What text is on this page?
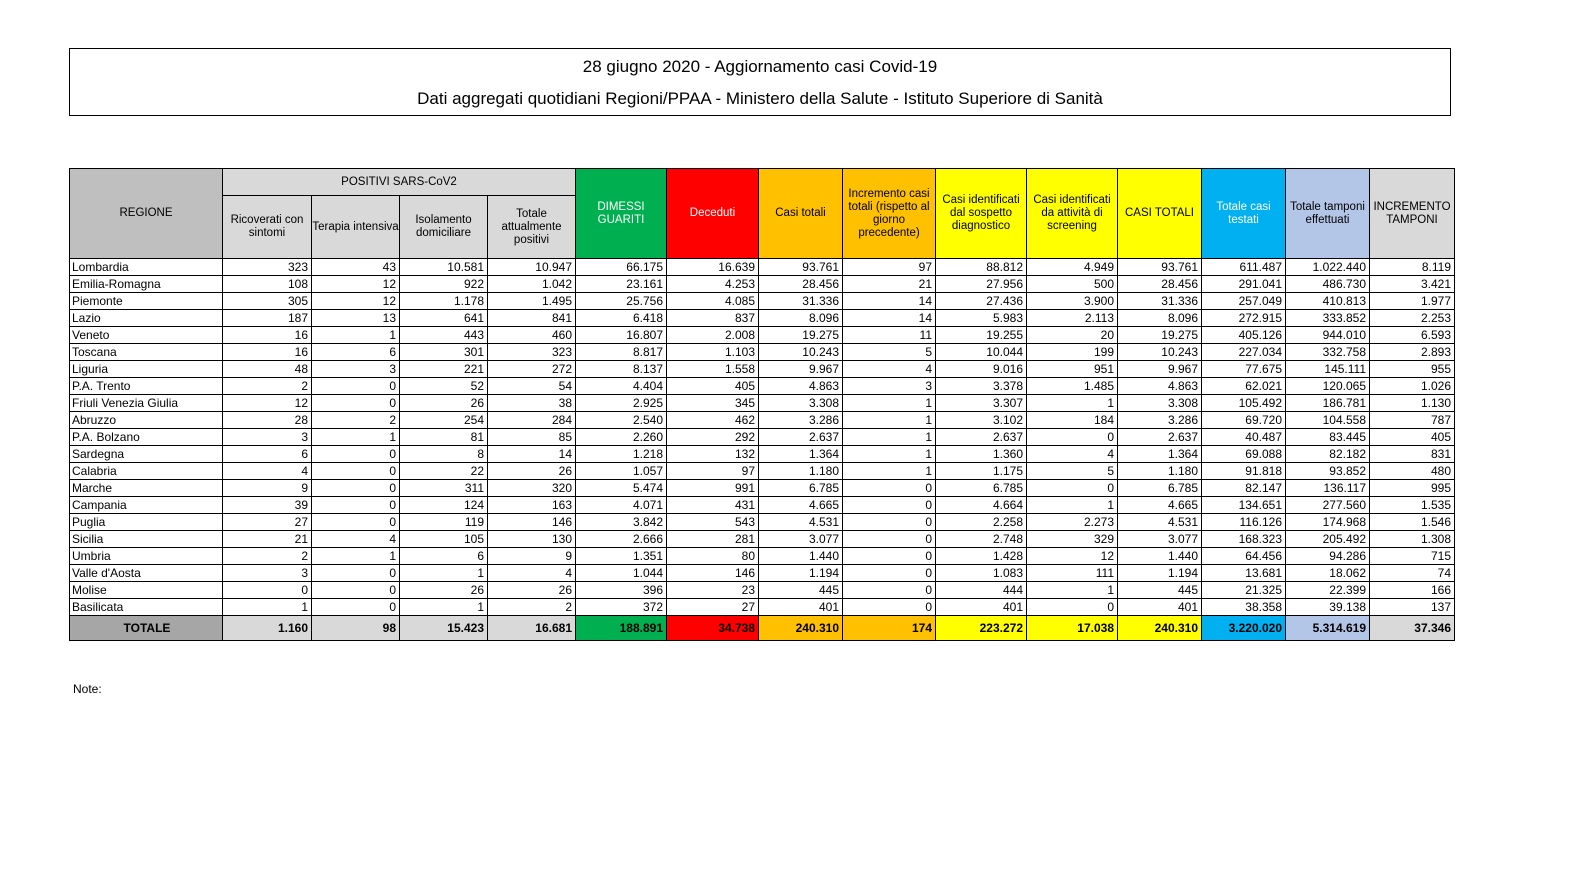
28 giugno 2020 - Aggiornamento casi Covid-19
Dati aggregati quotidiani Regioni/PPAA - Ministero della Salute - Istituto Superiore di Sanità
REGIONE	POSITIVI SARS-CoV2				DIMESSI GUARITI	Deceduti	Casi totali	Incremento casi totali (rispetto al giorno precedente)	Casi identificati dal sospetto diagnostico	Casi identificati da attività di screening	CASI TOTALI	Totale casi testati	Totale tamponi effettuati	INCREMENTO TAMPONI
	Ricoverati con sintomi	Terapia intensiva	Isolamento domiciliare	Totale attualmente positivi										
Lombardia	323	43	10.581	10.947	66.175	16.639	93.761	97	88.812	4.949	93.761	611.487	1.022.440	8.119
Emilia-Romagna	108	12	922	1.042	23.161	4.253	28.456	21	27.956	500	28.456	291.041	486.730	3.421
Piemonte	305	12	1.178	1.495	25.756	4.085	31.336	14	27.436	3.900	31.336	257.049	410.813	1.977
Lazio	187	13	641	841	6.418	837	8.096	14	5.983	2.113	8.096	272.915	333.852	2.253
Veneto	16	1	443	460	16.807	2.008	19.275	11	19.255	20	19.275	405.126	944.010	6.593
Toscana	16	6	301	323	8.817	1.103	10.243	5	10.044	199	10.243	227.034	332.758	2.893
Liguria	48	3	221	272	8.137	1.558	9.967	4	9.016	951	9.967	77.675	145.111	955
P.A. Trento	2	0	52	54	4.404	405	4.863	3	3.378	1.485	4.863	62.021	120.065	1.026
Friuli Venezia Giulia	12	0	26	38	2.925	345	3.308	1	3.307	1	3.308	105.492	186.781	1.130
Abruzzo	28	2	254	284	2.540	462	3.286	1	3.102	184	3.286	69.720	104.558	787
P.A. Bolzano	3	1	81	85	2.260	292	2.637	1	2.637	0	2.637	40.487	83.445	405
Sardegna	6	0	8	14	1.218	132	1.364	1	1.360	4	1.364	69.088	82.182	831
Calabria	4	0	22	26	1.057	97	1.180	1	1.175	5	1.180	91.818	93.852	480
Marche	9	0	311	320	5.474	991	6.785	0	6.785	0	6.785	82.147	136.117	995
Campania	39	0	124	163	4.071	431	4.665	0	4.664	1	4.665	134.651	277.560	1.535
Puglia	27	0	119	146	3.842	543	4.531	0	2.258	2.273	4.531	116.126	174.968	1.546
Sicilia	21	4	105	130	2.666	281	3.077	0	2.748	329	3.077	168.323	205.492	1.308
Umbria	2	1	6	9	1.351	80	1.440	0	1.428	12	1.440	64.456	94.286	715
Valle d'Aosta	3	0	1	4	1.044	146	1.194	0	1.083	111	1.194	13.681	18.062	74
Molise	0	0	26	26	396	23	445	0	444	1	445	21.325	22.399	166
Basilicata	1	0	1	2	372	27	401	0	401	0	401	38.358	39.138	137
TOTALE	1.160	98	15.423	16.681	188.891	34.738	240.310	174	223.272	17.038	240.310	3.220.020	5.314.619	37.346
Note:
